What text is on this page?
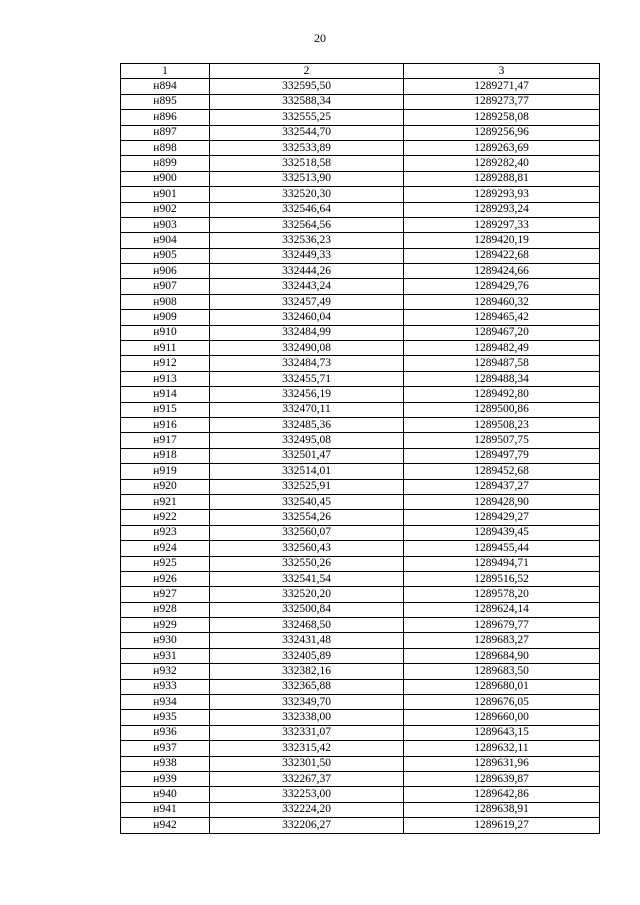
20
1	2	3
н894	332595,50	1289271,47
н895	332588,34	1289273,77
н896	332555,25	1289258,08
н897	332544,70	1289256,96
н898	332533,89	1289263,69
н899	332518,58	1289282,40
н900	332513,90	1289288,81
н901	332520,30	1289293,93
н902	332546,64	1289293,24
н903	332564,56	1289297,33
н904	332536,23	1289420,19
н905	332449,33	1289422,68
н906	332444,26	1289424,66
н907	332443,24	1289429,76
н908	332457,49	1289460,32
н909	332460,04	1289465,42
н910	332484,99	1289467,20
н911	332490,08	1289482,49
н912	332484,73	1289487,58
н913	332455,71	1289488,34
н914	332456,19	1289492,80
н915	332470,11	1289500,86
н916	332485,36	1289508,23
н917	332495,08	1289507,75
н918	332501,47	1289497,79
н919	332514,01	1289452,68
н920	332525,91	1289437,27
н921	332540,45	1289428,90
н922	332554,26	1289429,27
н923	332560,07	1289439,45
н924	332560,43	1289455,44
н925	332550,26	1289494,71
н926	332541,54	1289516,52
н927	332520,20	1289578,20
н928	332500,84	1289624,14
н929	332468,50	1289679,77
н930	332431,48	1289683,27
н931	332405,89	1289684,90
н932	332382,16	1289683,50
н933	332365,88	1289680,01
н934	332349,70	1289676,05
н935	332338,00	1289660,00
н936	332331,07	1289643,15
н937	332315,42	1289632,11
н938	332301,50	1289631,96
н939	332267,37	1289639,87
н940	332253,00	1289642,86
н941	332224,20	1289638,91
н942	332206,27	1289619,27
